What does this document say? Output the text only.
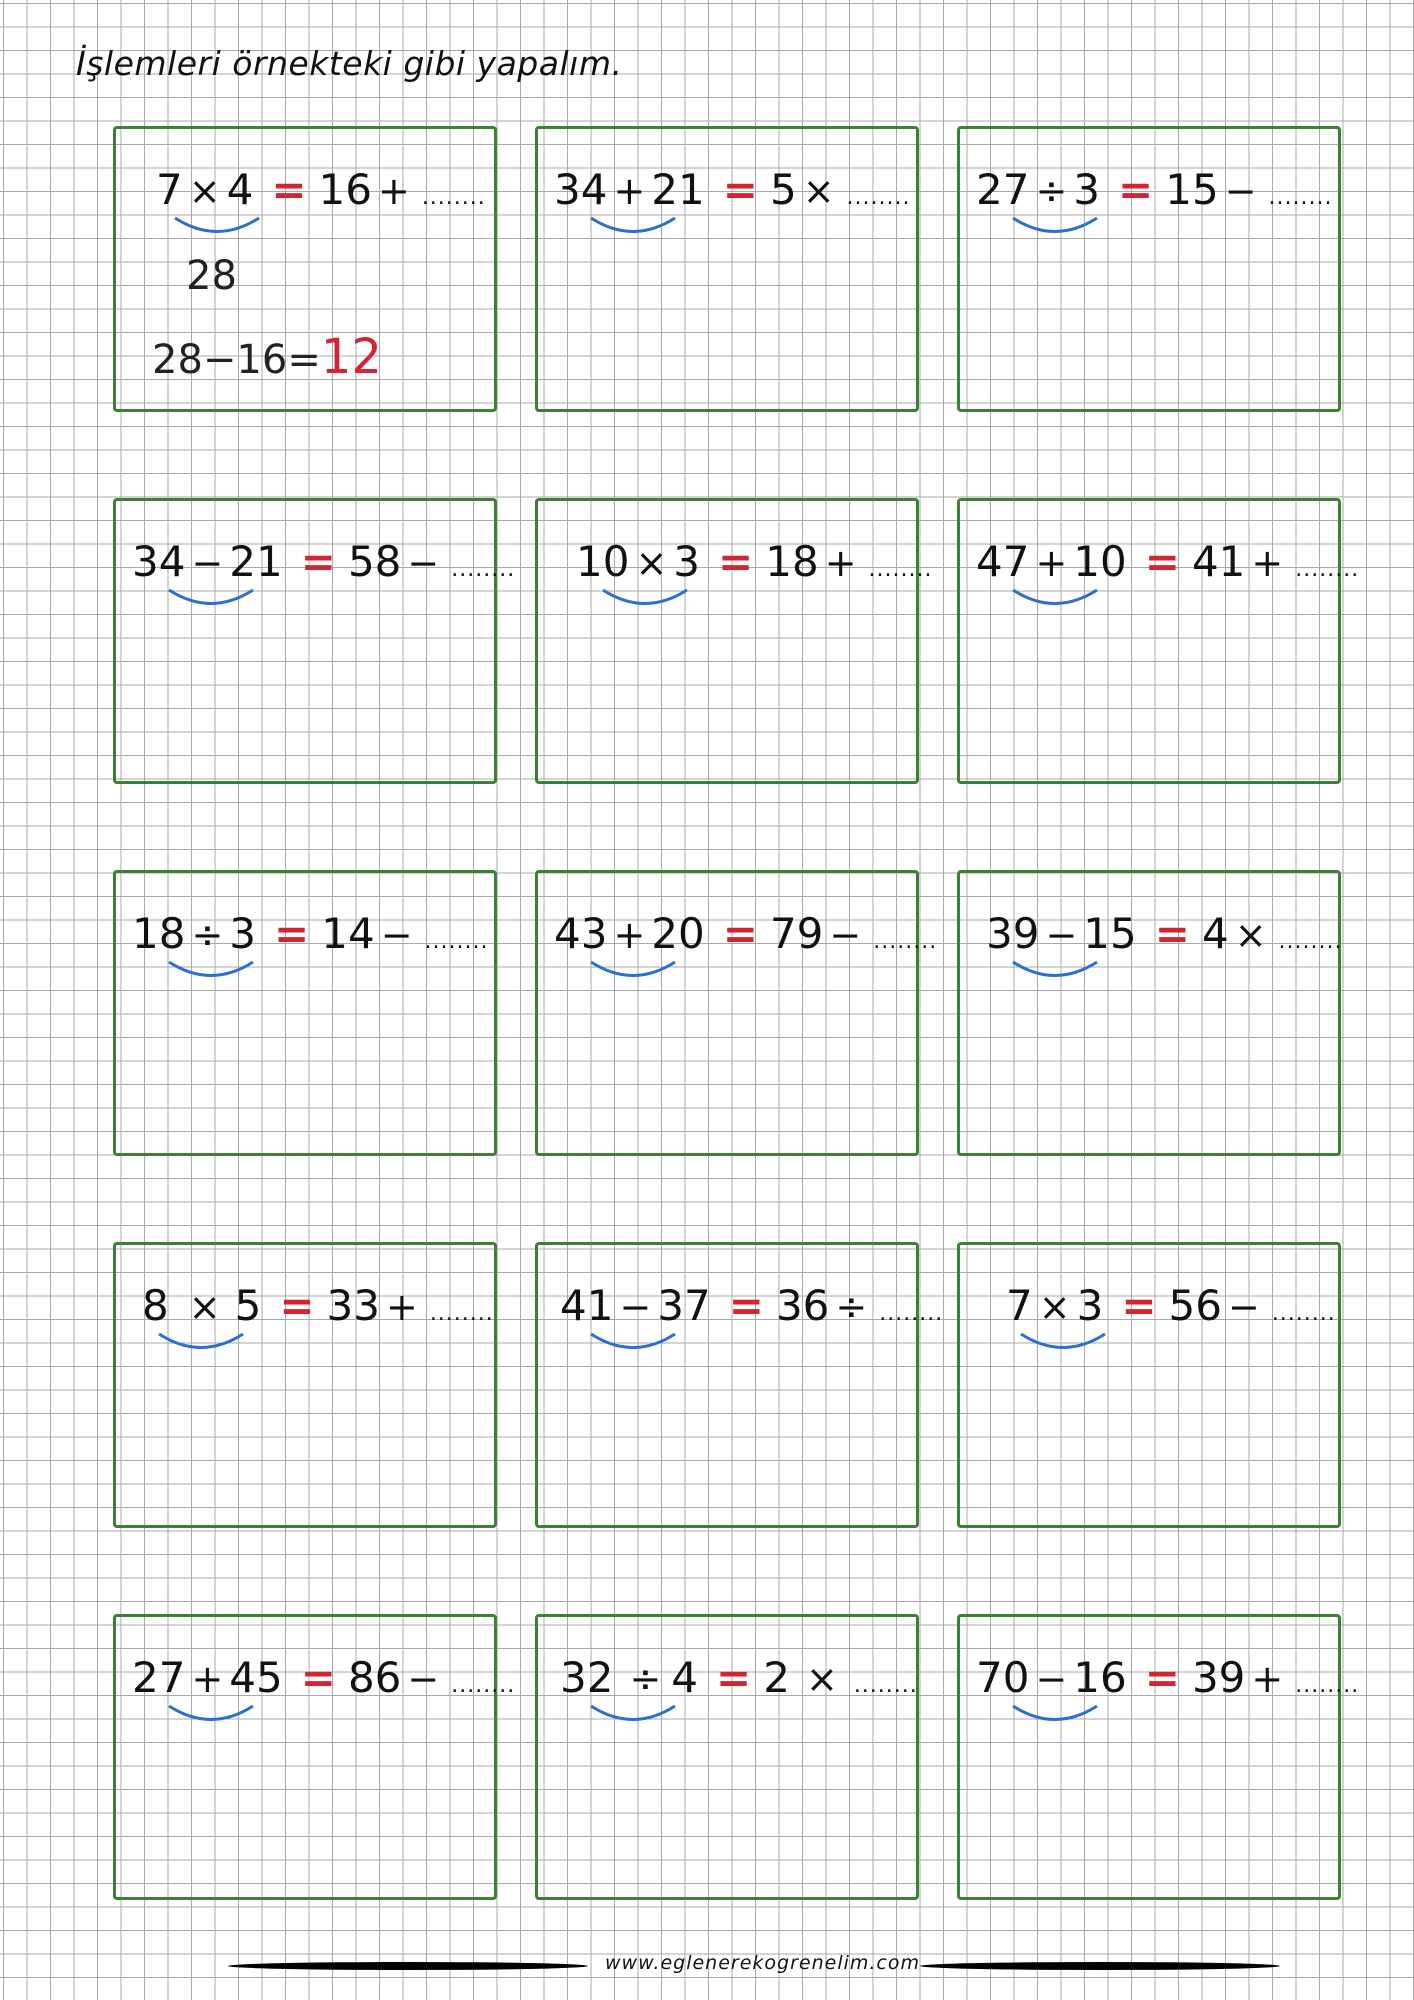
İşlemleri örnekteki gibi yapalım.
7 × 4 = 16 + ........
28
28−16=12
34 + 21 = 5 × ........ 27 ÷ 3 = 15 − ........
34 − 21 = 58 − ........ 10 × 3 = 18 + ........ 47 + 10 = 41 + ........
18 ÷ 3 = 14 − ........ 43 + 20 = 79 − ........ 39 − 15 = 4 × ........
8 × 5 = 33 + ........ 41 − 37 = 36 ÷ ........ 7 × 3 = 56 − ........
27 + 45 = 86 − ........ 32 ÷ 4 = 2 × ........ 70 − 16 = 39 + ........
www.eglenerekogrenelim.com
